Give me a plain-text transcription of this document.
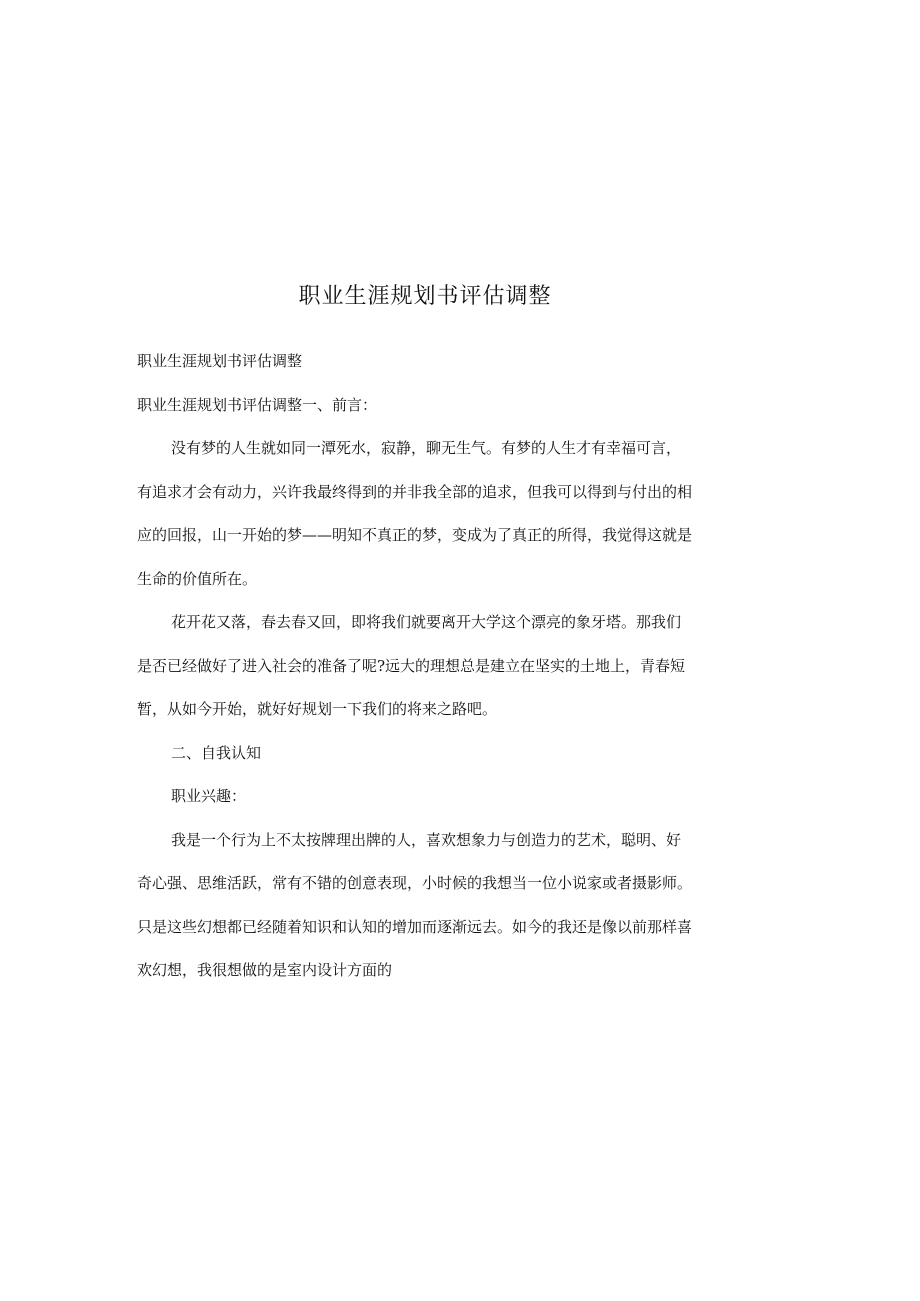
职业生涯规划书评估调整

职业生涯规划书评估调整

职业生涯规划书评估调整一、前言：

没有梦的人生就如同一潭死水，寂静，聊无生气。有梦的人生才有幸福可言，

有追求才会有动力，兴许我最终得到的并非我全部的追求，但我可以得到与付出的相

应的回报，山一开始的梦——明知不真正的梦，变成为了真正的所得，我觉得这就是

生命的价值所在。

花开花又落，春去春又回，即将我们就要离开大学这个漂亮的象牙塔。那我们

是否已经做好了进入社会的准备了呢?远大的理想总是建立在坚实的土地上，青春短

暂，从如今开始，就好好规划一下我们的将来之路吧。

二、自我认知

职业兴趣：

我是一个行为上不太按牌理出牌的人，喜欢想象力与创造力的艺术，聪明、好

奇心强、思维活跃，常有不错的创意表现，小时候的我想当一位小说家或者摄影师。

只是这些幻想都已经随着知识和认知的增加而逐渐远去。如今的我还是像以前那样喜

欢幻想，我很想做的是室内设计方面的
